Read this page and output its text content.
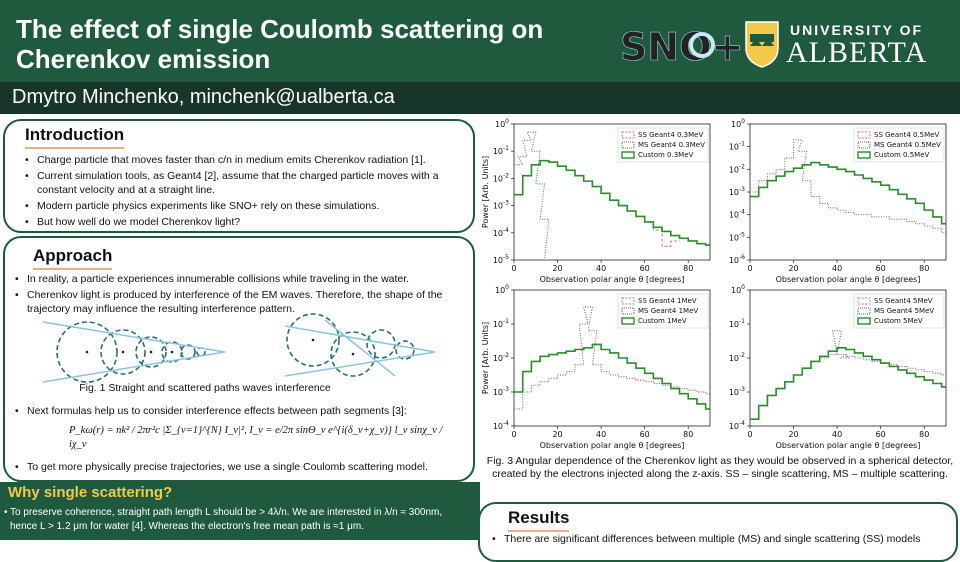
The effect of single Coulomb scattering on Cherenkov emission	SNO+	UNIVERSITY OF
ALBERTA
Dmytro Minchenko, minchenk@ualberta.ca
Introduction
• Charge particle that moves faster than c/n in medium emits Cherenkov radiation [1].
• Current simulation tools, as Geant4 [2], assume that the charged particle moves with a constant velocity and at a straight line.
• Modern particle physics experiments like SNO+ rely on these simulations.
• But how well do we model Cherenkov light?
Approach
• In reality, a particle experiences innumerable collisions while traveling in the water.
• Cherenkov light is produced by interference of the EM waves. Therefore, the shape of the trajectory may influence the resulting interference pattern.
Fig. 1 Straight and scattered paths waves interference
• Next formulas help us to consider interference effects between path segments [3]:
P_kω(r) = nk² / 2πr²c |Σ_{ν=1}^{N} I_ν|², I_ν = e/2π sinΘ_ν e^{i(δ_ν+χ_ν)} l_ν sinχ_ν / iχ_ν
• To get more physically precise trajectories, we use a single Coulomb scattering model.
Why single scattering?
• To preserve coherence, straight path length L should be > 4λ/n. We are interested in λ/n ≈ 300nm, hence L > 1.2 μm for water [4]. Whereas the electron's free mean path is ≈1 μm.
$10^{-5}$
$10^{-4}$
$10^{-3}$
$10^{-2}$
$10^{-1}$
$10^0$
0	20	40	60	80
Observation polar angle θ [degrees]
Power [Arb. Units]
SS Geant4 0.3MeV
MS Geant4 0.3MeV
Custom 0.3MeV
$10^{-6}$
$10^{-5}$
$10^{-4}$
$10^{-3}$
$10^{-2}$
$10^{-1}$
$10^0$
0	20	40	60	80
Observation polar angle θ [degrees]
SS Geant4 0.5MeV
MS Geant4 0.5MeV
Custom 0.5MeV
$10^{-4}$
$10^{-3}$
$10^{-2}$
$10^{-1}$
$10^0$
0	20	40	60	80
Observation polar angle θ [degrees]
Power [Arb. Units]
SS Geant4 1MeV
MS Geant4 1MeV
Custom 1MeV
$10^{-4}$
$10^{-3}$
$10^{-2}$
$10^{-1}$
$10^0$
0	20	40	60	80
Observation polar angle θ [degrees]
SS Geant4 5MeV
MS Geant4 5MeV
Custom 5MeV
Fig. 3 Angular dependence of the Cherenkov light as they would be observed in a spherical detector, created by the electrons injected along the z-axis. SS – single scattering, MS – multiple scattering.
Results
• There are significant differences between multiple (MS) and single scattering (SS) models
